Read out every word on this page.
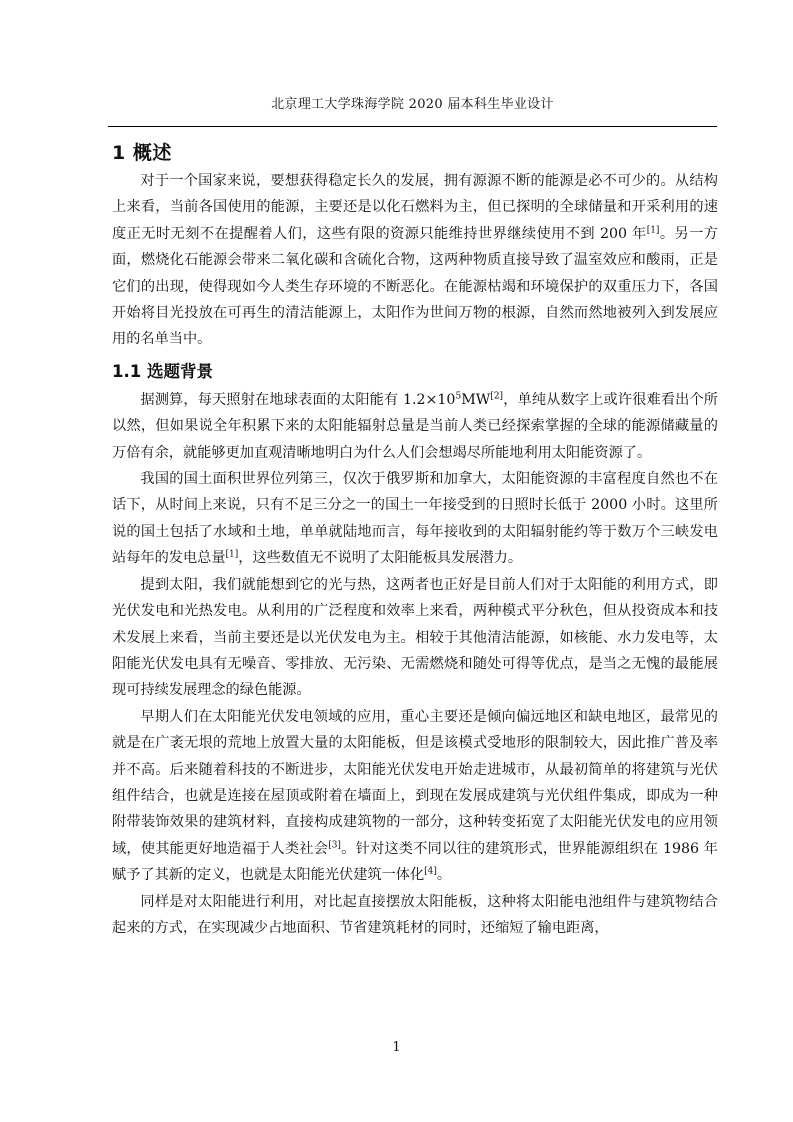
北京理工大学珠海学院 2020 届本科生毕业设计
1 概述

对于一个国家来说，要想获得稳定长久的发展，拥有源源不断的能源是必不可少的。从结构上来看，当前各国使用的能源，主要还是以化石燃料为主，但已探明的全球储量和开采利用的速度正无时无刻不在提醒着人们，这些有限的资源只能维持世界继续使用不到 200 年[1]。另一方面，燃烧化石能源会带来二氧化碳和含硫化合物，这两种物质直接导致了温室效应和酸雨，正是它们的出现，使得现如今人类生存环境的不断恶化。在能源枯竭和环境保护的双重压力下，各国开始将目光投放在可再生的清洁能源上，太阳作为世间万物的根源，自然而然地被列入到发展应用的名单当中。

1.1 选题背景

据测算，每天照射在地球表面的太阳能有 $1.2\times 10^5MW[2]$，单纯从数字上或许很难看出个所以然，但如果说全年积累下来的太阳能辐射总量是当前人类已经探索掌握的全球的能源储藏量的万倍有余，就能够更加直观清晰地明白为什么人们会想竭尽所能地利用太阳能资源了。

我国的国土面积世界位列第三，仅次于俄罗斯和加拿大，太阳能资源的丰富程度自然也不在话下，从时间上来说，只有不足三分之一的国土一年接受到的日照时长低于 2000 小时。这里所说的国土包括了水域和土地，单单就陆地而言，每年接收到的太阳辐射能约等于数万个三峡发电站每年的发电总量[1]，这些数值无不说明了太阳能板具发展潜力。

提到太阳，我们就能想到它的光与热，这两者也正好是目前人们对于太阳能的利用方式，即光伏发电和光热发电。从利用的广泛程度和效率上来看，两种模式平分秋色，但从投资成本和技术发展上来看，当前主要还是以光伏发电为主。相较于其他清洁能源，如核能、水力发电等，太阳能光伏发电具有无噪音、零排放、无污染、无需燃烧和随处可得等优点，是当之无愧的最能展现可持续发展理念的绿色能源。

早期人们在太阳能光伏发电领域的应用，重心主要还是倾向偏远地区和缺电地区，最常见的就是在广袤无垠的荒地上放置大量的太阳能板，但是该模式受地形的限制较大，因此推广普及率并不高。后来随着科技的不断进步，太阳能光伏发电开始走进城市，从最初简单的将建筑与光伏组件结合，也就是连接在屋顶或附着在墙面上，到现在发展成建筑与光伏组件集成，即成为一种附带装饰效果的建筑材料，直接构成建筑物的一部分，这种转变拓宽了太阳能光伏发电的应用领域，使其能更好地造福于人类社会[3]。针对这类不同以往的建筑形式，世界能源组织在 1986 年赋予了其新的定义，也就是太阳能光伏建筑一体化[4]。

同样是对太阳能进行利用，对比起直接摆放太阳能板，这种将太阳能电池组件与建筑物结合起来的方式，在实现减少占地面积、节省建筑耗材的同时，还缩短了输电距离，

1
